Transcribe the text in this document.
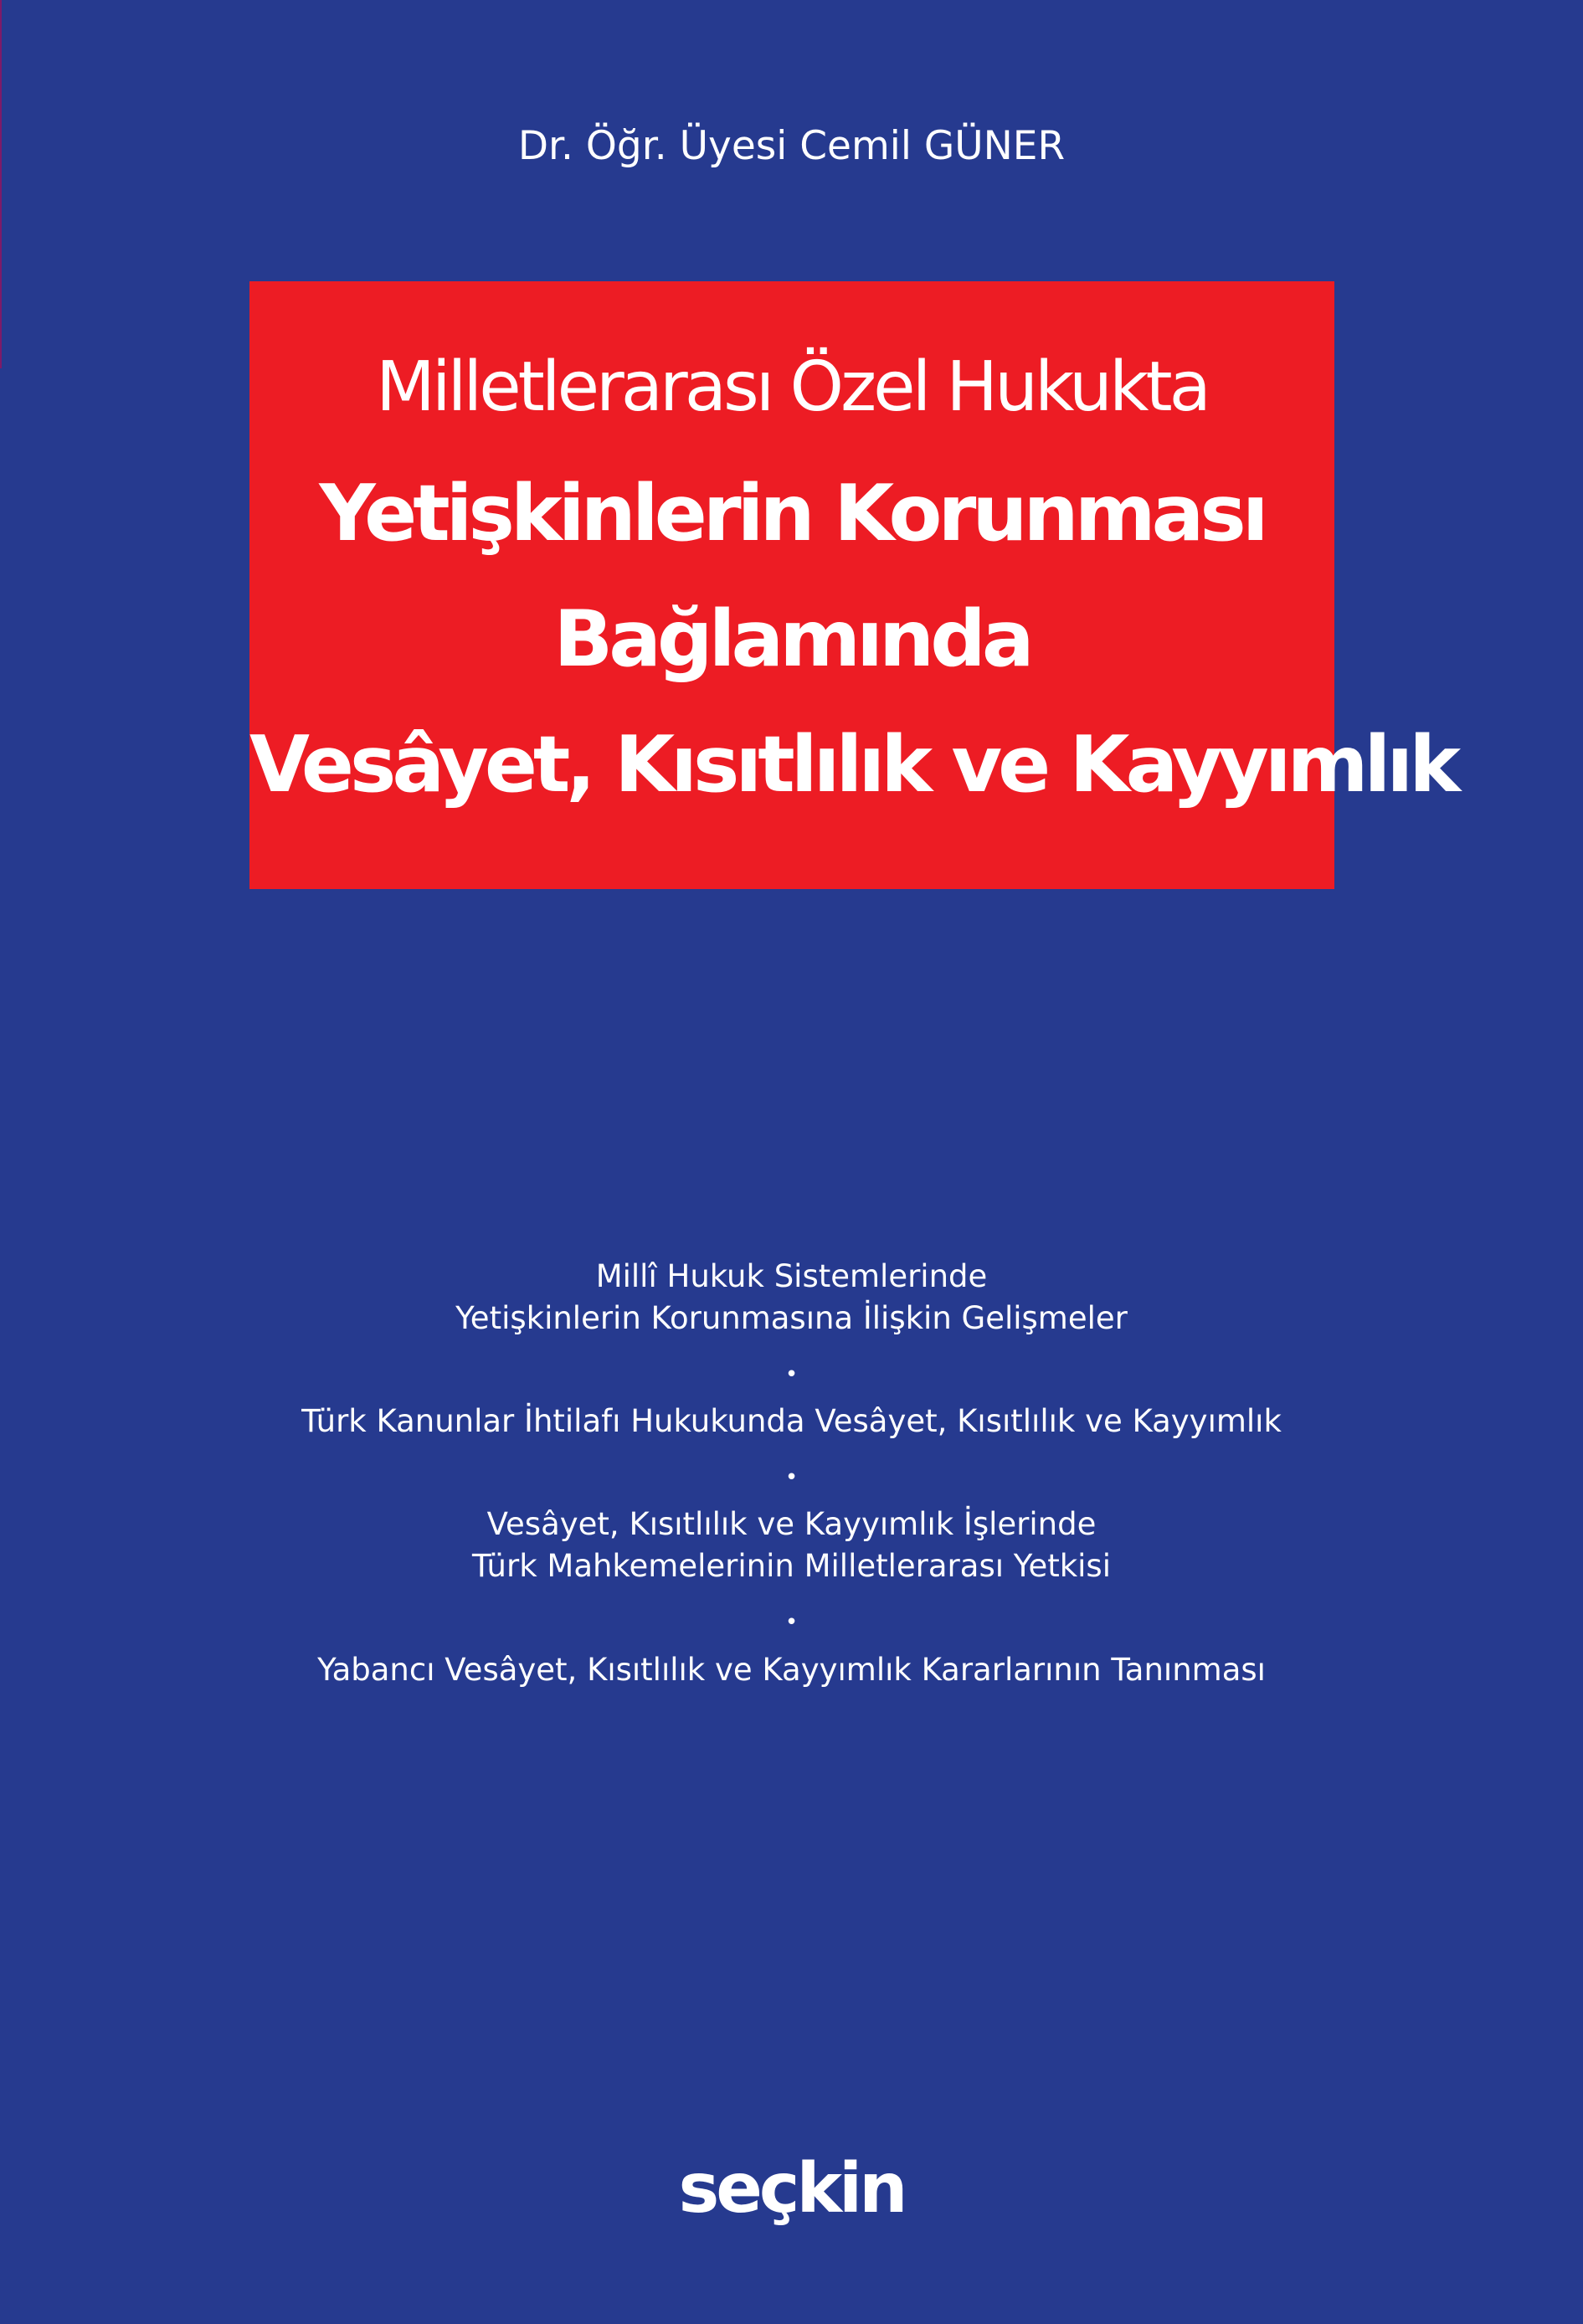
Dr. Öğr. Üyesi Cemil GÜNER
Milletlerarası Özel Hukukta
Yetişkinlerin Korunması
Bağlamında
Vesâyet, Kısıtlılık ve Kayyımlık
Millî Hukuk Sistemlerinde
Yetişkinlerin Korunmasına İlişkin Gelişmeler
•
Türk Kanunlar İhtilafı Hukukunda Vesâyet, Kısıtlılık ve Kayyımlık
•
Vesâyet, Kısıtlılık ve Kayyımlık İşlerinde
Türk Mahkemelerinin Milletlerarası Yetkisi
•
Yabancı Vesâyet, Kısıtlılık ve Kayyımlık Kararlarının Tanınması
seçkin
